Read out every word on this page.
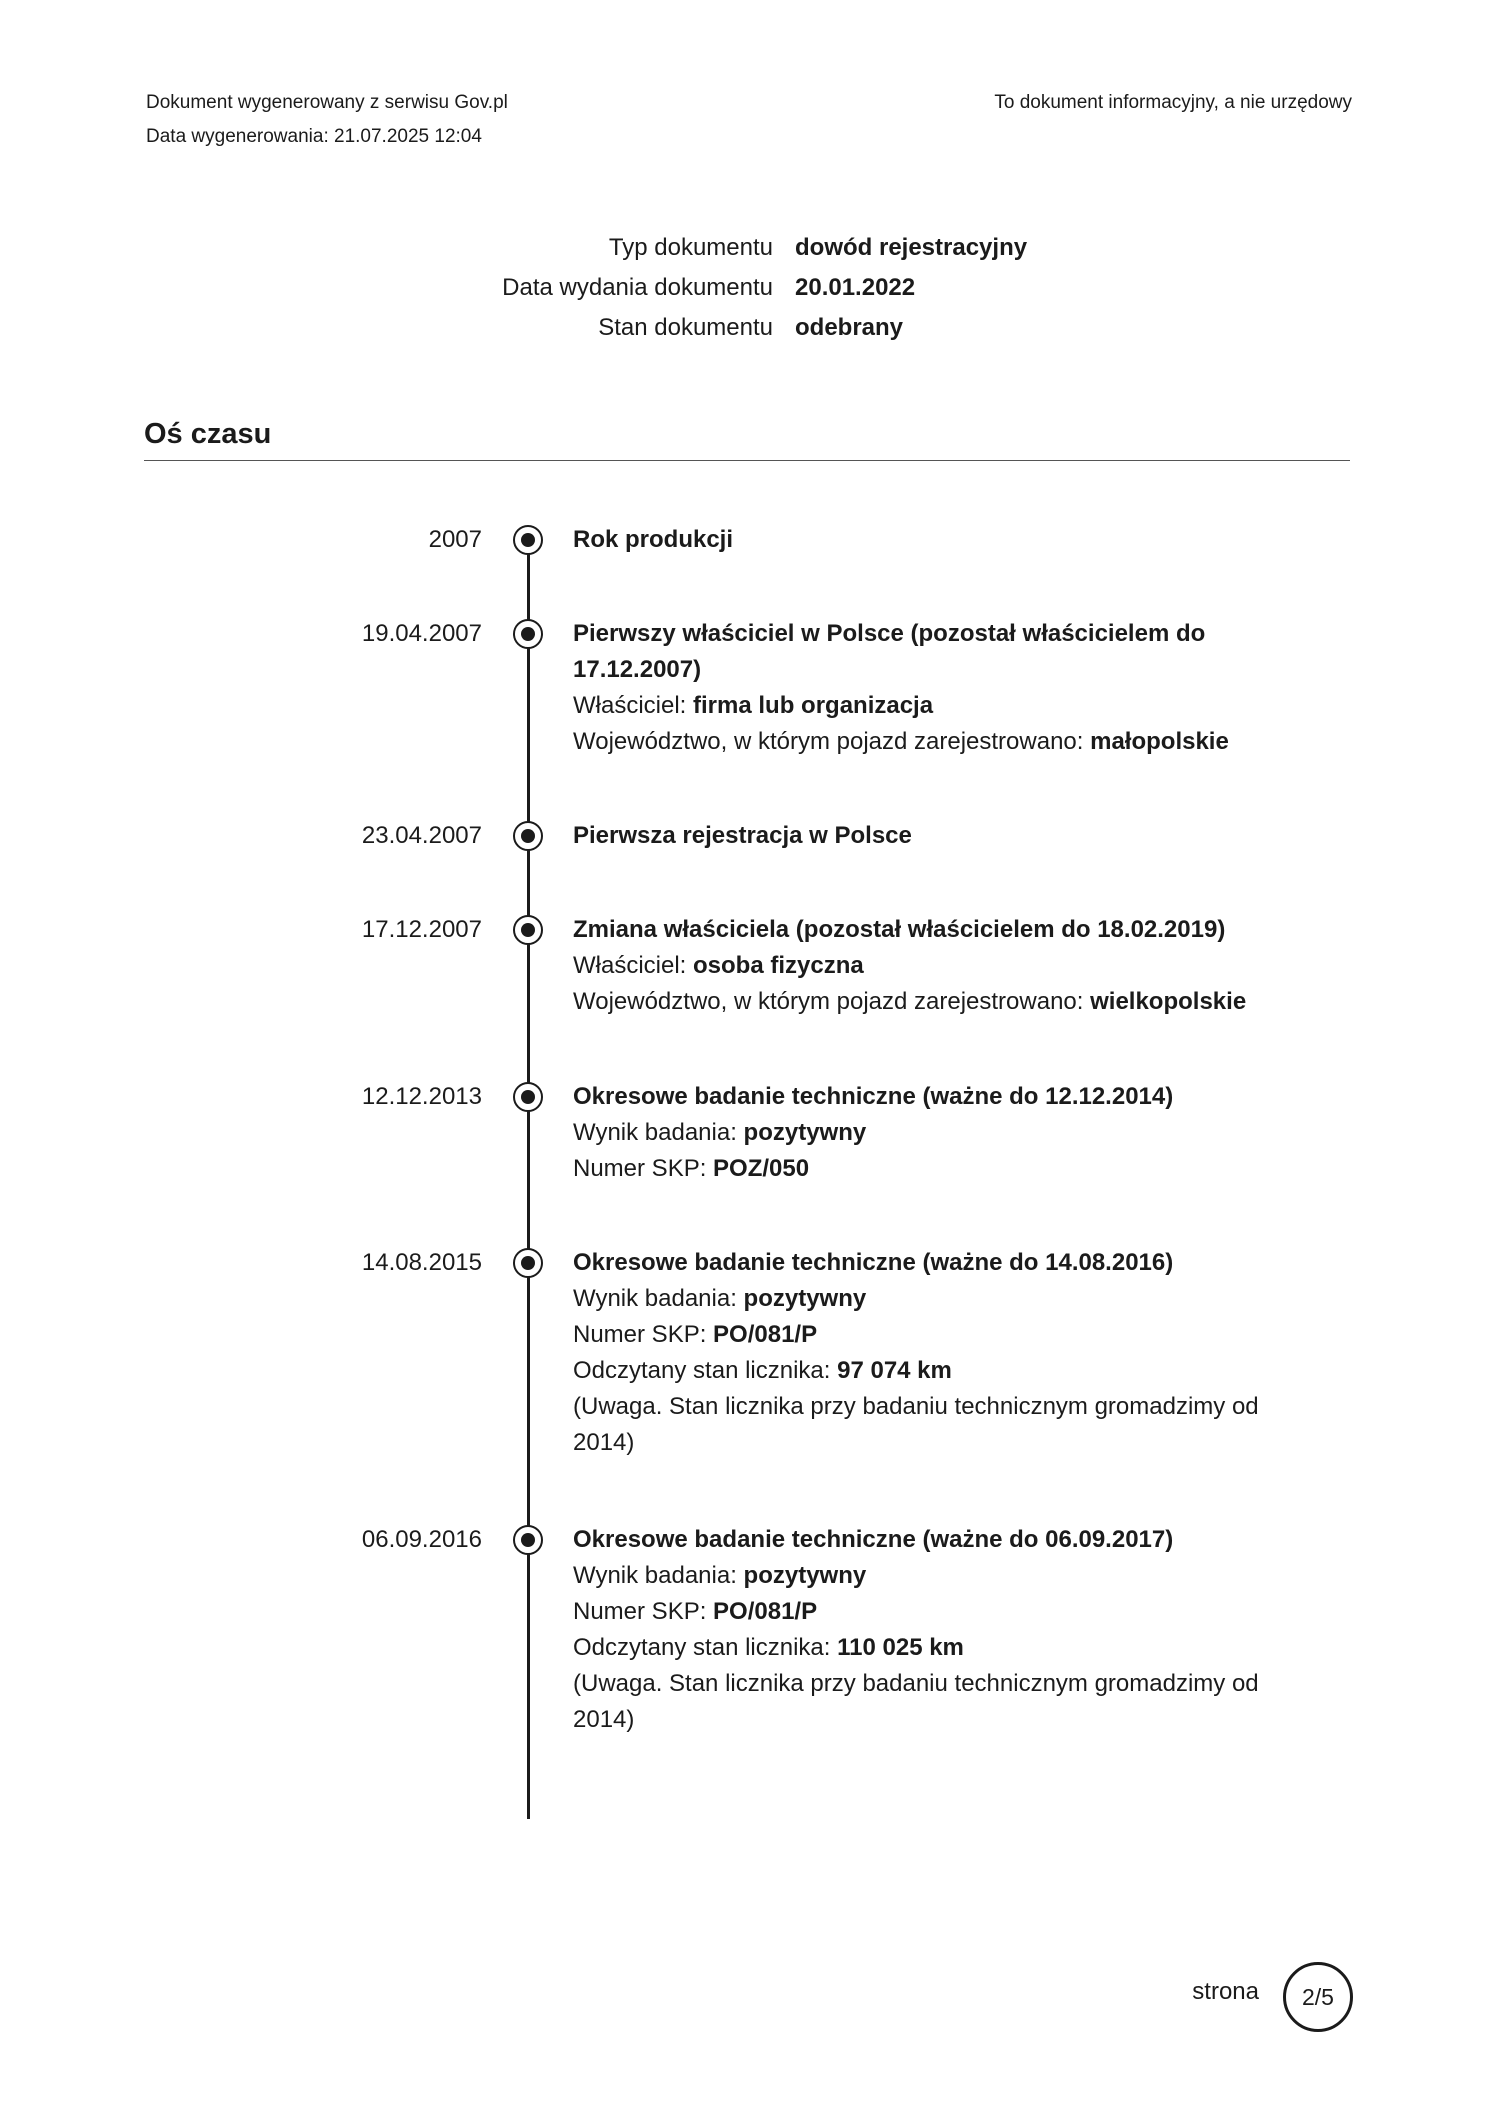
Dokument wygenerowany z serwisu Gov.pl
Data wygenerowania: 21.07.2025 12:04
To dokument informacyjny, a nie urzędowy
Typ dokumentu dowód rejestracyjny
Data wydania dokumentu 20.01.2022
Stan dokumentu odebrany
Oś czasu
2007	Rok produkcji
19.04.2007	Pierwszy właściciel w Polsce (pozostał właścicielem do 17.12.2007)
Właściciel: firma lub organizacja
Województwo, w którym pojazd zarejestrowano: małopolskie
23.04.2007	Pierwsza rejestracja w Polsce
17.12.2007	Zmiana właściciela (pozostał właścicielem do 18.02.2019)
Właściciel: osoba fizyczna
Województwo, w którym pojazd zarejestrowano: wielkopolskie
12.12.2013	Okresowe badanie techniczne (ważne do 12.12.2014)
Wynik badania: pozytywny
Numer SKP: POZ/050
14.08.2015	Okresowe badanie techniczne (ważne do 14.08.2016)
Wynik badania: pozytywny
Numer SKP: PO/081/P
Odczytany stan licznika: 97 074 km
(Uwaga. Stan licznika przy badaniu technicznym gromadzimy od 2014)
06.09.2016	Okresowe badanie techniczne (ważne do 06.09.2017)
Wynik badania: pozytywny
Numer SKP: PO/081/P
Odczytany stan licznika: 110 025 km
(Uwaga. Stan licznika przy badaniu technicznym gromadzimy od 2014)
strona	2/5
